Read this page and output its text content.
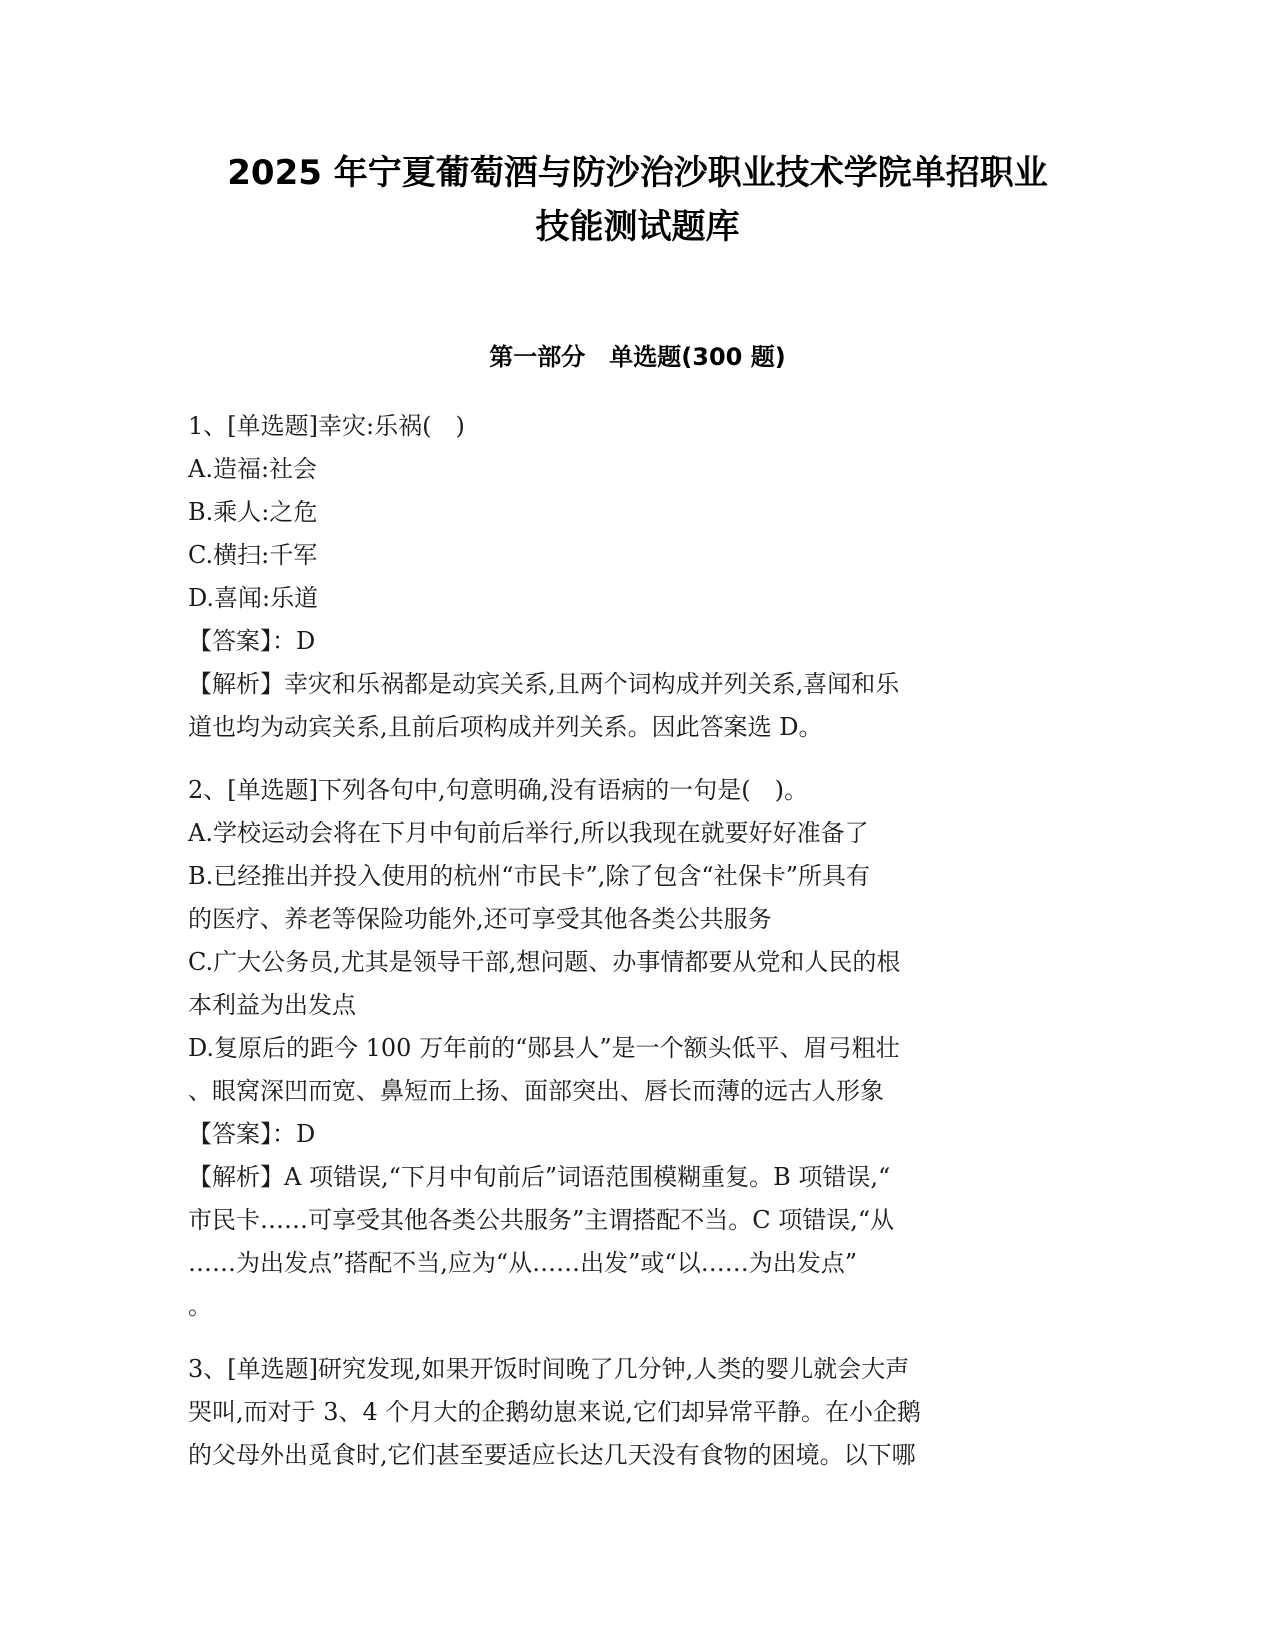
2025 年宁夏葡萄酒与防沙治沙职业技术学院单招职业
技能测试题库
第一部分　单选题(300 题)
1、[单选题]幸灾:乐祸(　)
A.造福:社会
B.乘人:之危
C.横扫:千军
D.喜闻:乐道
【答案】：D
【解析】幸灾和乐祸都是动宾关系,且两个词构成并列关系,喜闻和乐
道也均为动宾关系,且前后项构成并列关系。因此答案选 D。
2、[单选题]下列各句中,句意明确,没有语病的一句是(　)。
A.学校运动会将在下月中旬前后举行,所以我现在就要好好准备了
B.已经推出并投入使用的杭州“市民卡”,除了包含“社保卡”所具有
的医疗、养老等保险功能外,还可享受其他各类公共服务
C.广大公务员,尤其是领导干部,想问题、办事情都要从党和人民的根
本利益为出发点
D.复原后的距今 100 万年前的“郧县人”是一个额头低平、眉弓粗壮
、眼窝深凹而宽、鼻短而上扬、面部突出、唇长而薄的远古人形象
【答案】：D
【解析】A 项错误,“下月中旬前后”词语范围模糊重复。B 项错误,“
市民卡……可享受其他各类公共服务”主谓搭配不当。C 项错误,“从
……为出发点”搭配不当,应为“从……出发”或“以……为出发点”
。
3、[单选题]研究发现,如果开饭时间晚了几分钟,人类的婴儿就会大声
哭叫,而对于 3、4 个月大的企鹅幼崽来说,它们却异常平静。在小企鹅
的父母外出觅食时,它们甚至要适应长达几天没有食物的困境。以下哪
